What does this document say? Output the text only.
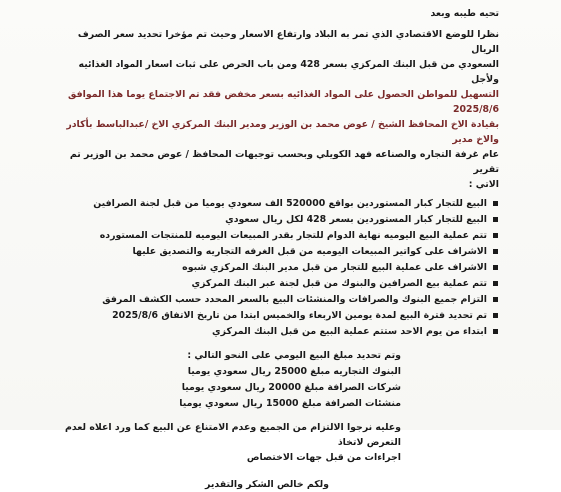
تحيه طيبه وبعد

نظرا للوضع الاقتصادي الذي تمر به البلاد وارتفاع الاسعار وحيث تم مؤخرا تحديد سعر الصرف الريال

السعودي من قبل البنك المركزي بسعر 428 ومن باب الحرص على ثبات اسعار المواد الغذائيه ولأجل

التسهيل للمواطن الحصول على المواد الغذائيه بسعر مخفض فقد تم الاجتماع يوما هذا الموافق 2025/8/6

بقيادة الاخ المحافظ الشيخ / عوض محمد بن الوزير ومدير البنك المركزي الاخ /عبدالباسط بأكادر والاخ مدير

عام غرفة التجاره والصناعه فهد الكويلي وبحسب توجيهات المحافظ / عوض محمد بن الوزير تم تقرير

الاتي :

البيع للتجار كبار المستوردين بواقع 520000 الف سعودي يوميا من قبل لجنة الصرافين
البيع للتجار كبار المستوردين بسعر 428 لكل ريال سعودي
تتم عملية البيع اليوميه نهاية الدوام للتجار بقدر المبيعات اليوميه للمنتجات المستورده
الاشراف على كواتير المبيعات اليوميه من قبل الغرفه التجاريه والتصديق عليها
الاشراف على عملية البيع للتجار من قبل مدير البنك المركزي شبوه
تتم عملية بيع الصرافين والبنوك من قبل لجنة عبر البنك المركزي
التزام جميع البنوك والصرافات والمنشئات البيع بالسعر المحدد حسب الكشف المرفق
تم تحديد فترة البيع لمدة يومين الاربعاء والخميس ابتدا من تاريخ الاتفاق 2025/8/6
ابتداء من يوم الاحد ستتم عملية البيع من قبل البنك المركزي

وتم تحديد مبلغ البيع اليومي على النحو التالي :

البنوك التجاريه مبلغ 25000 ريال سعودي يوميا

شركات الصرافة مبلغ 20000 ريال سعودي يوميا

منشئات الصرافة مبلغ 15000 ريال سعودي يوميا

وعليه نرجوا الالتزام من الجميع وعدم الامتناع عن البيع كما ورد اعلاه لعدم التعرض لاتخاذ

اجراءات من قبل جهات الاختصاص

ولكم خالص الشكر والتقدير
